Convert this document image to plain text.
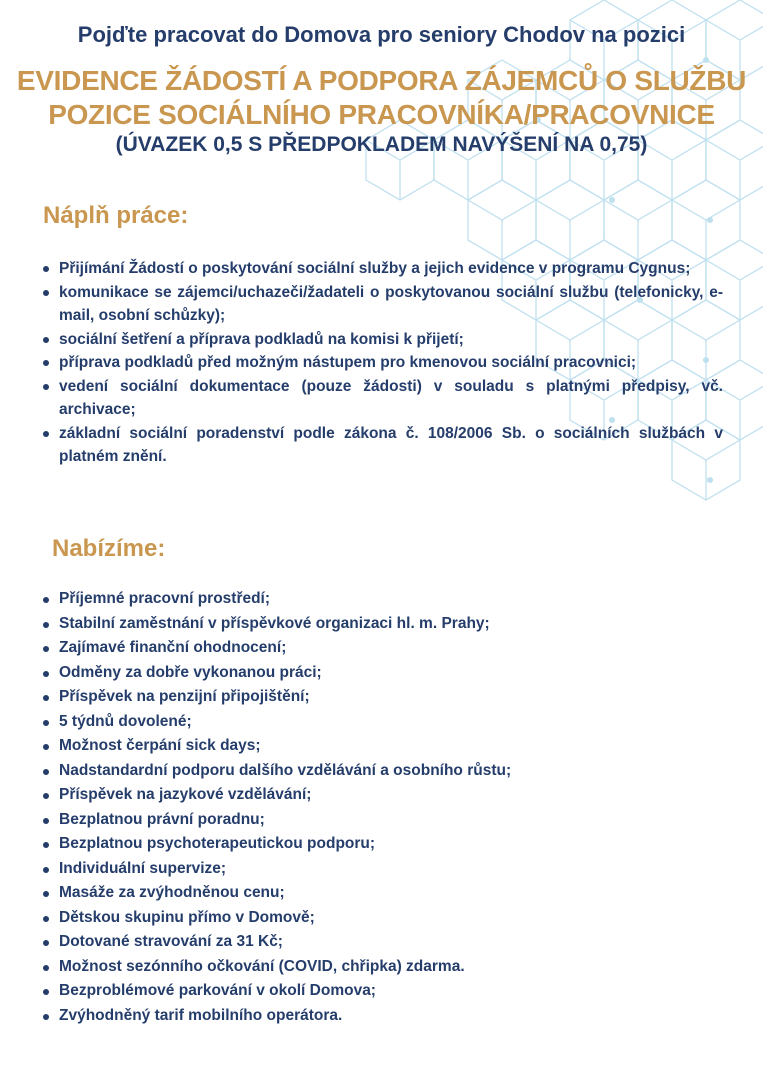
Pojďte pracovat do Domova pro seniory Chodov na pozici
EVIDENCE ŽÁDOSTÍ A PODPORA ZÁJEMCŮ O SLUŽBU
POZICE SOCIÁLNÍHO PRACOVNÍKA/PRACOVNICE
(ÚVAZEK 0,5 S PŘEDPOKLADEM NAVÝŠENÍ NA 0,75)
Náplň práce:
Přijímání Žádostí o poskytování sociální služby a jejich evidence v programu Cygnus;
komunikace se zájemci/uchazeči/žadateli o poskytovanou sociální službu (telefonicky, e-mail, osobní schůzky);
sociální šetření a příprava podkladů na komisi k přijetí;
příprava podkladů před možným nástupem pro kmenovou sociální pracovnici;
vedení sociální dokumentace (pouze žádosti) v souladu s platnými předpisy, vč. archivace;
základní sociální poradenství podle zákona č. 108/2006 Sb. o sociálních službách v platném znění.
Nabízíme:
Příjemné pracovní prostředí;
Stabilní zaměstnání v příspěvkové organizaci hl. m. Prahy;
Zajímavé finanční ohodnocení;
Odměny za dobře vykonanou práci;
Příspěvek na penzijní připojištění;
5 týdnů dovolené;
Možnost čerpání sick days;
Nadstandardní podporu dalšího vzdělávání a osobního růstu;
Příspěvek na jazykové vzdělávání;
Bezplatnou právní poradnu;
Bezplatnou psychoterapeutickou podporu;
Individuální supervize;
Masáže za zvýhodněnou cenu;
Dětskou skupinu přímo v Domově;
Dotované stravování za 31 Kč;
Možnost sezónního očkování (COVID, chřipka) zdarma.
Bezproblémové parkování v okolí Domova;
Zvýhodněný tarif mobilního operátora.
